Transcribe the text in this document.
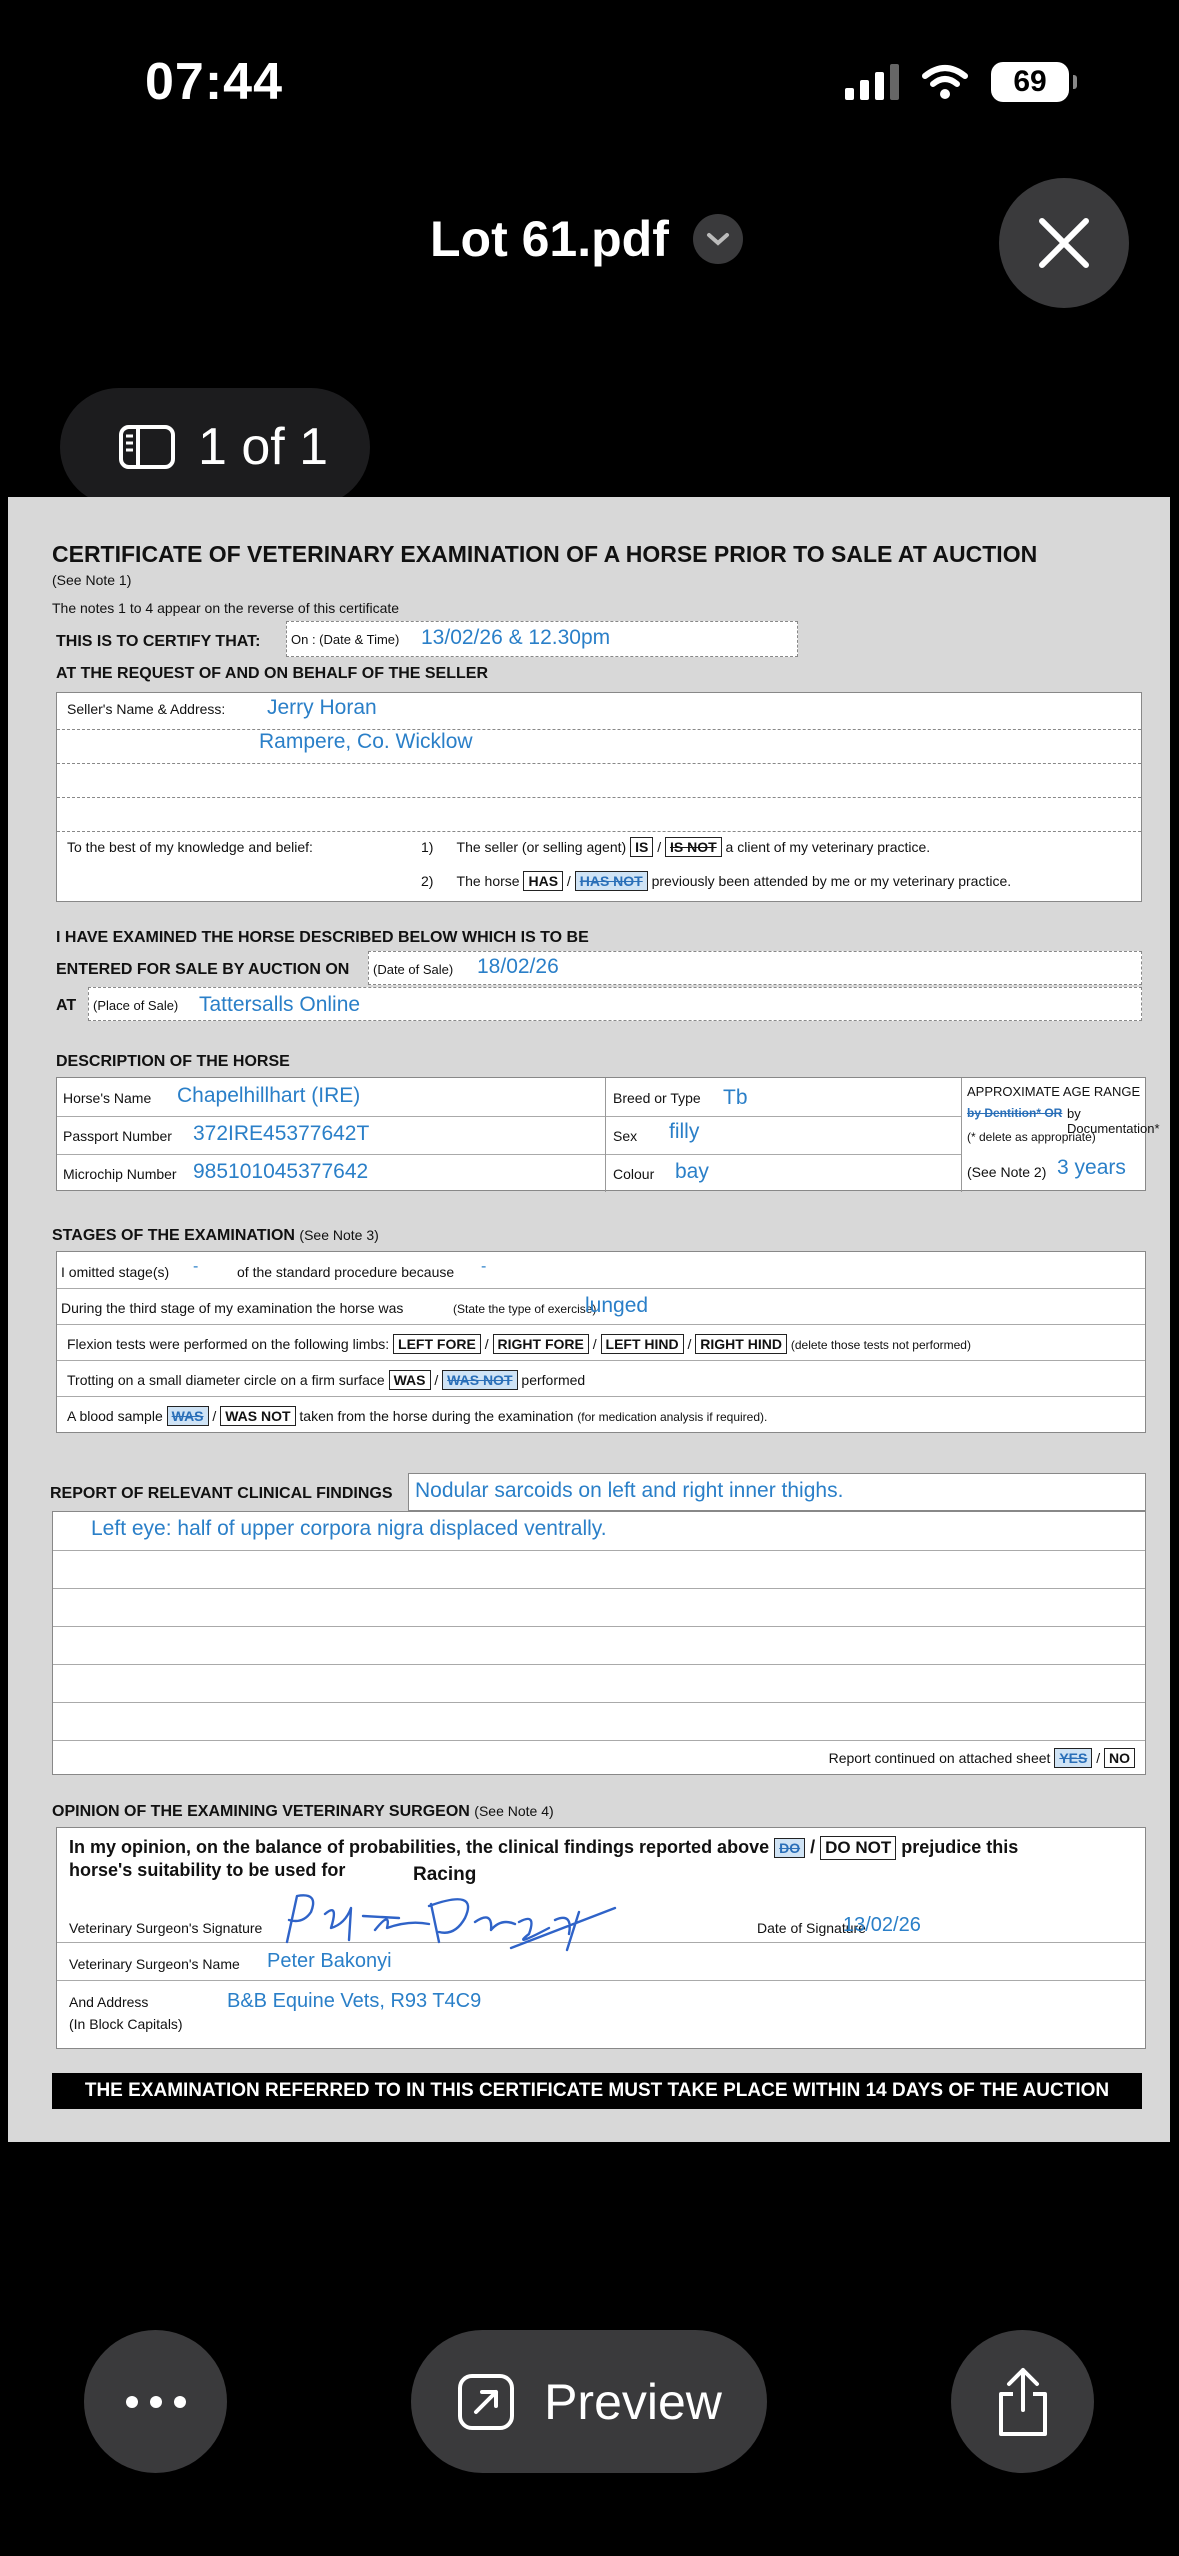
07:44	69
Lot 61.pdf
1 of 1
CERTIFICATE OF VETERINARY EXAMINATION OF A HORSE PRIOR TO SALE AT AUCTION
(See Note 1)
The notes 1 to 4 appear on the reverse of this certificate
THIS IS TO CERTIFY THAT: On : (Date & Time) 13/02/26 & 12.30pm
AT THE REQUEST OF AND ON BEHALF OF THE SELLER
Seller's Name & Address: Jerry Horan
Rampere, Co. Wicklow
To the best of my knowledge and belief:	1) The seller (or selling agent) IS / IS NOT a client of my veterinary practice.
2) The horse HAS / HAS NOT previously been attended by me or my veterinary practice.
I HAVE EXAMINED THE HORSE DESCRIBED BELOW WHICH IS TO BE
ENTERED FOR SALE BY AUCTION ON (Date of Sale) 18/02/26
AT (Place of Sale) Tattersalls Online
DESCRIPTION OF THE HORSE
Horse's Name Chapelhillhart (IRE)
Passport Number 372IRE45377642T
Microchip Number 985101045377642
Breed or Type Tb
Sex filly
Colour bay
APPROXIMATE AGE RANGE
by Dentition* OR by Documentation*
(* delete as appropriate)
(See Note 2) 3 years
STAGES OF THE EXAMINATION (See Note 3)
I omitted stage(s) -	of the standard procedure because -
During the third stage of my examination the horse was	(State the type of exercise)
lunged
Flexion tests were performed on the following limbs: LEFT FORE / RIGHT FORE / LEFT HIND / RIGHT HIND (delete those tests not performed)
Trotting on a small diameter circle on a firm surface WAS / WAS NOT performed
A blood sample WAS / WAS NOT taken from the horse during the examination (for medication analysis if required).
REPORT OF RELEVANT CLINICAL FINDINGS Nodular sarcoids on left and right inner thighs.
Left eye: half of upper corpora nigra displaced ventrally.
Report continued on attached sheet YES / NO
OPINION OF THE EXAMINING VETERINARY SURGEON (See Note 4)
In my opinion, on the balance of probabilities, the clinical findings reported above DO / DO NOT prejudice this
horse's suitability to be used for	Racing
Veterinary Surgeon's Signature	Date of Signature
13/02/26
Veterinary Surgeon's Name Peter Bakonyi
And Address
(In Block Capitals)
B&B Equine Vets, R93 T4C9
THE EXAMINATION REFERRED TO IN THIS CERTIFICATE MUST TAKE PLACE WITHIN 14 DAYS OF THE AUCTION
Preview
